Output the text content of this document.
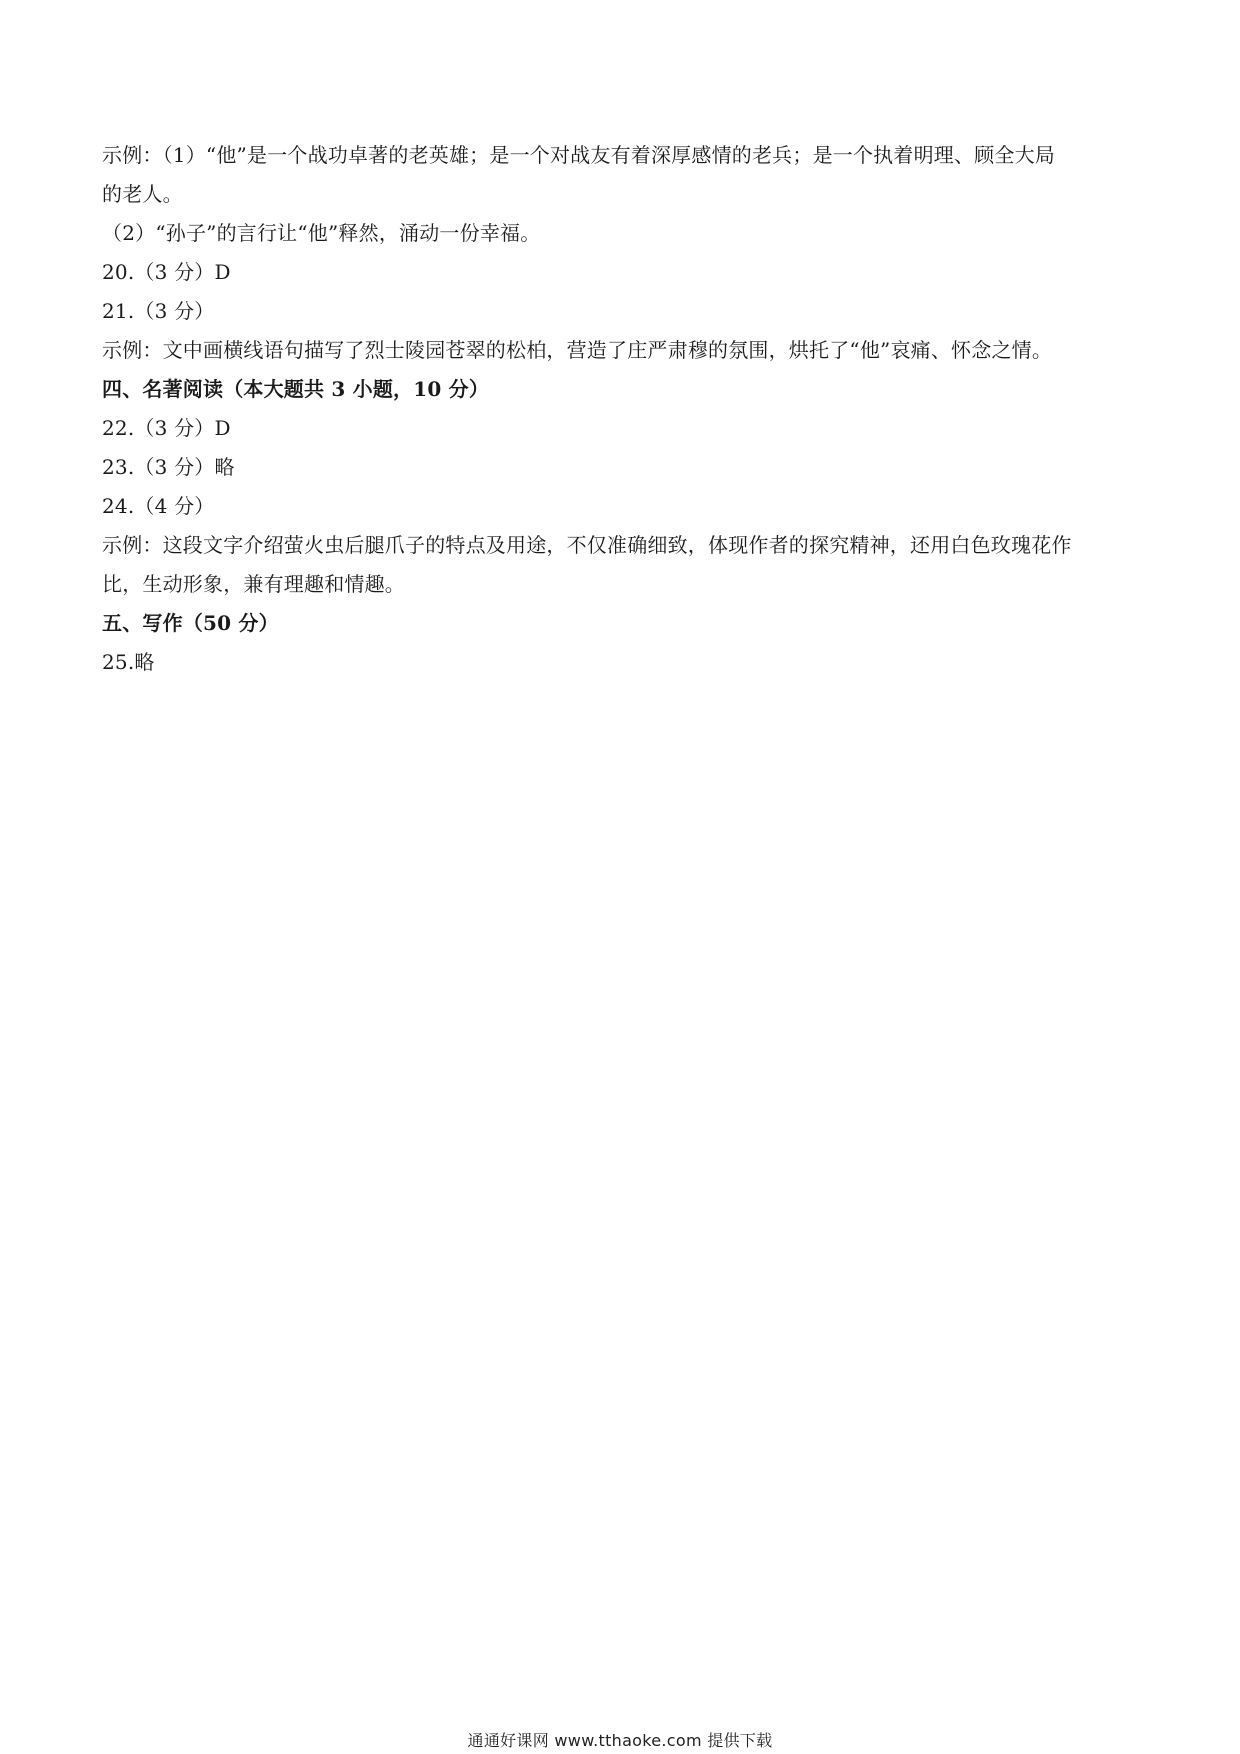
示例：（1）“他”是一个战功卓著的老英雄；是一个对战友有着深厚感情的老兵；是一个执着明理、顾全大局
的老人。
（2）“孙子”的言行让“他”释然，涌动一份幸福。
20.（3 分）D
21.（3 分）
示例：文中画横线语句描写了烈士陵园苍翠的松柏，营造了庄严肃穆的氛围，烘托了“他”哀痛、怀念之情。
四、名著阅读（本大题共 3 小题，10 分）
22.（3 分）D
23.（3 分）略
24.（4 分）
示例：这段文字介绍萤火虫后腿爪子的特点及用途，不仅准确细致，体现作者的探究精神，还用白色玫瑰花作
比，生动形象，兼有理趣和情趣。
五、写作（50 分）
25.略
通通好课网 www.tthaoke.com 提供下载
